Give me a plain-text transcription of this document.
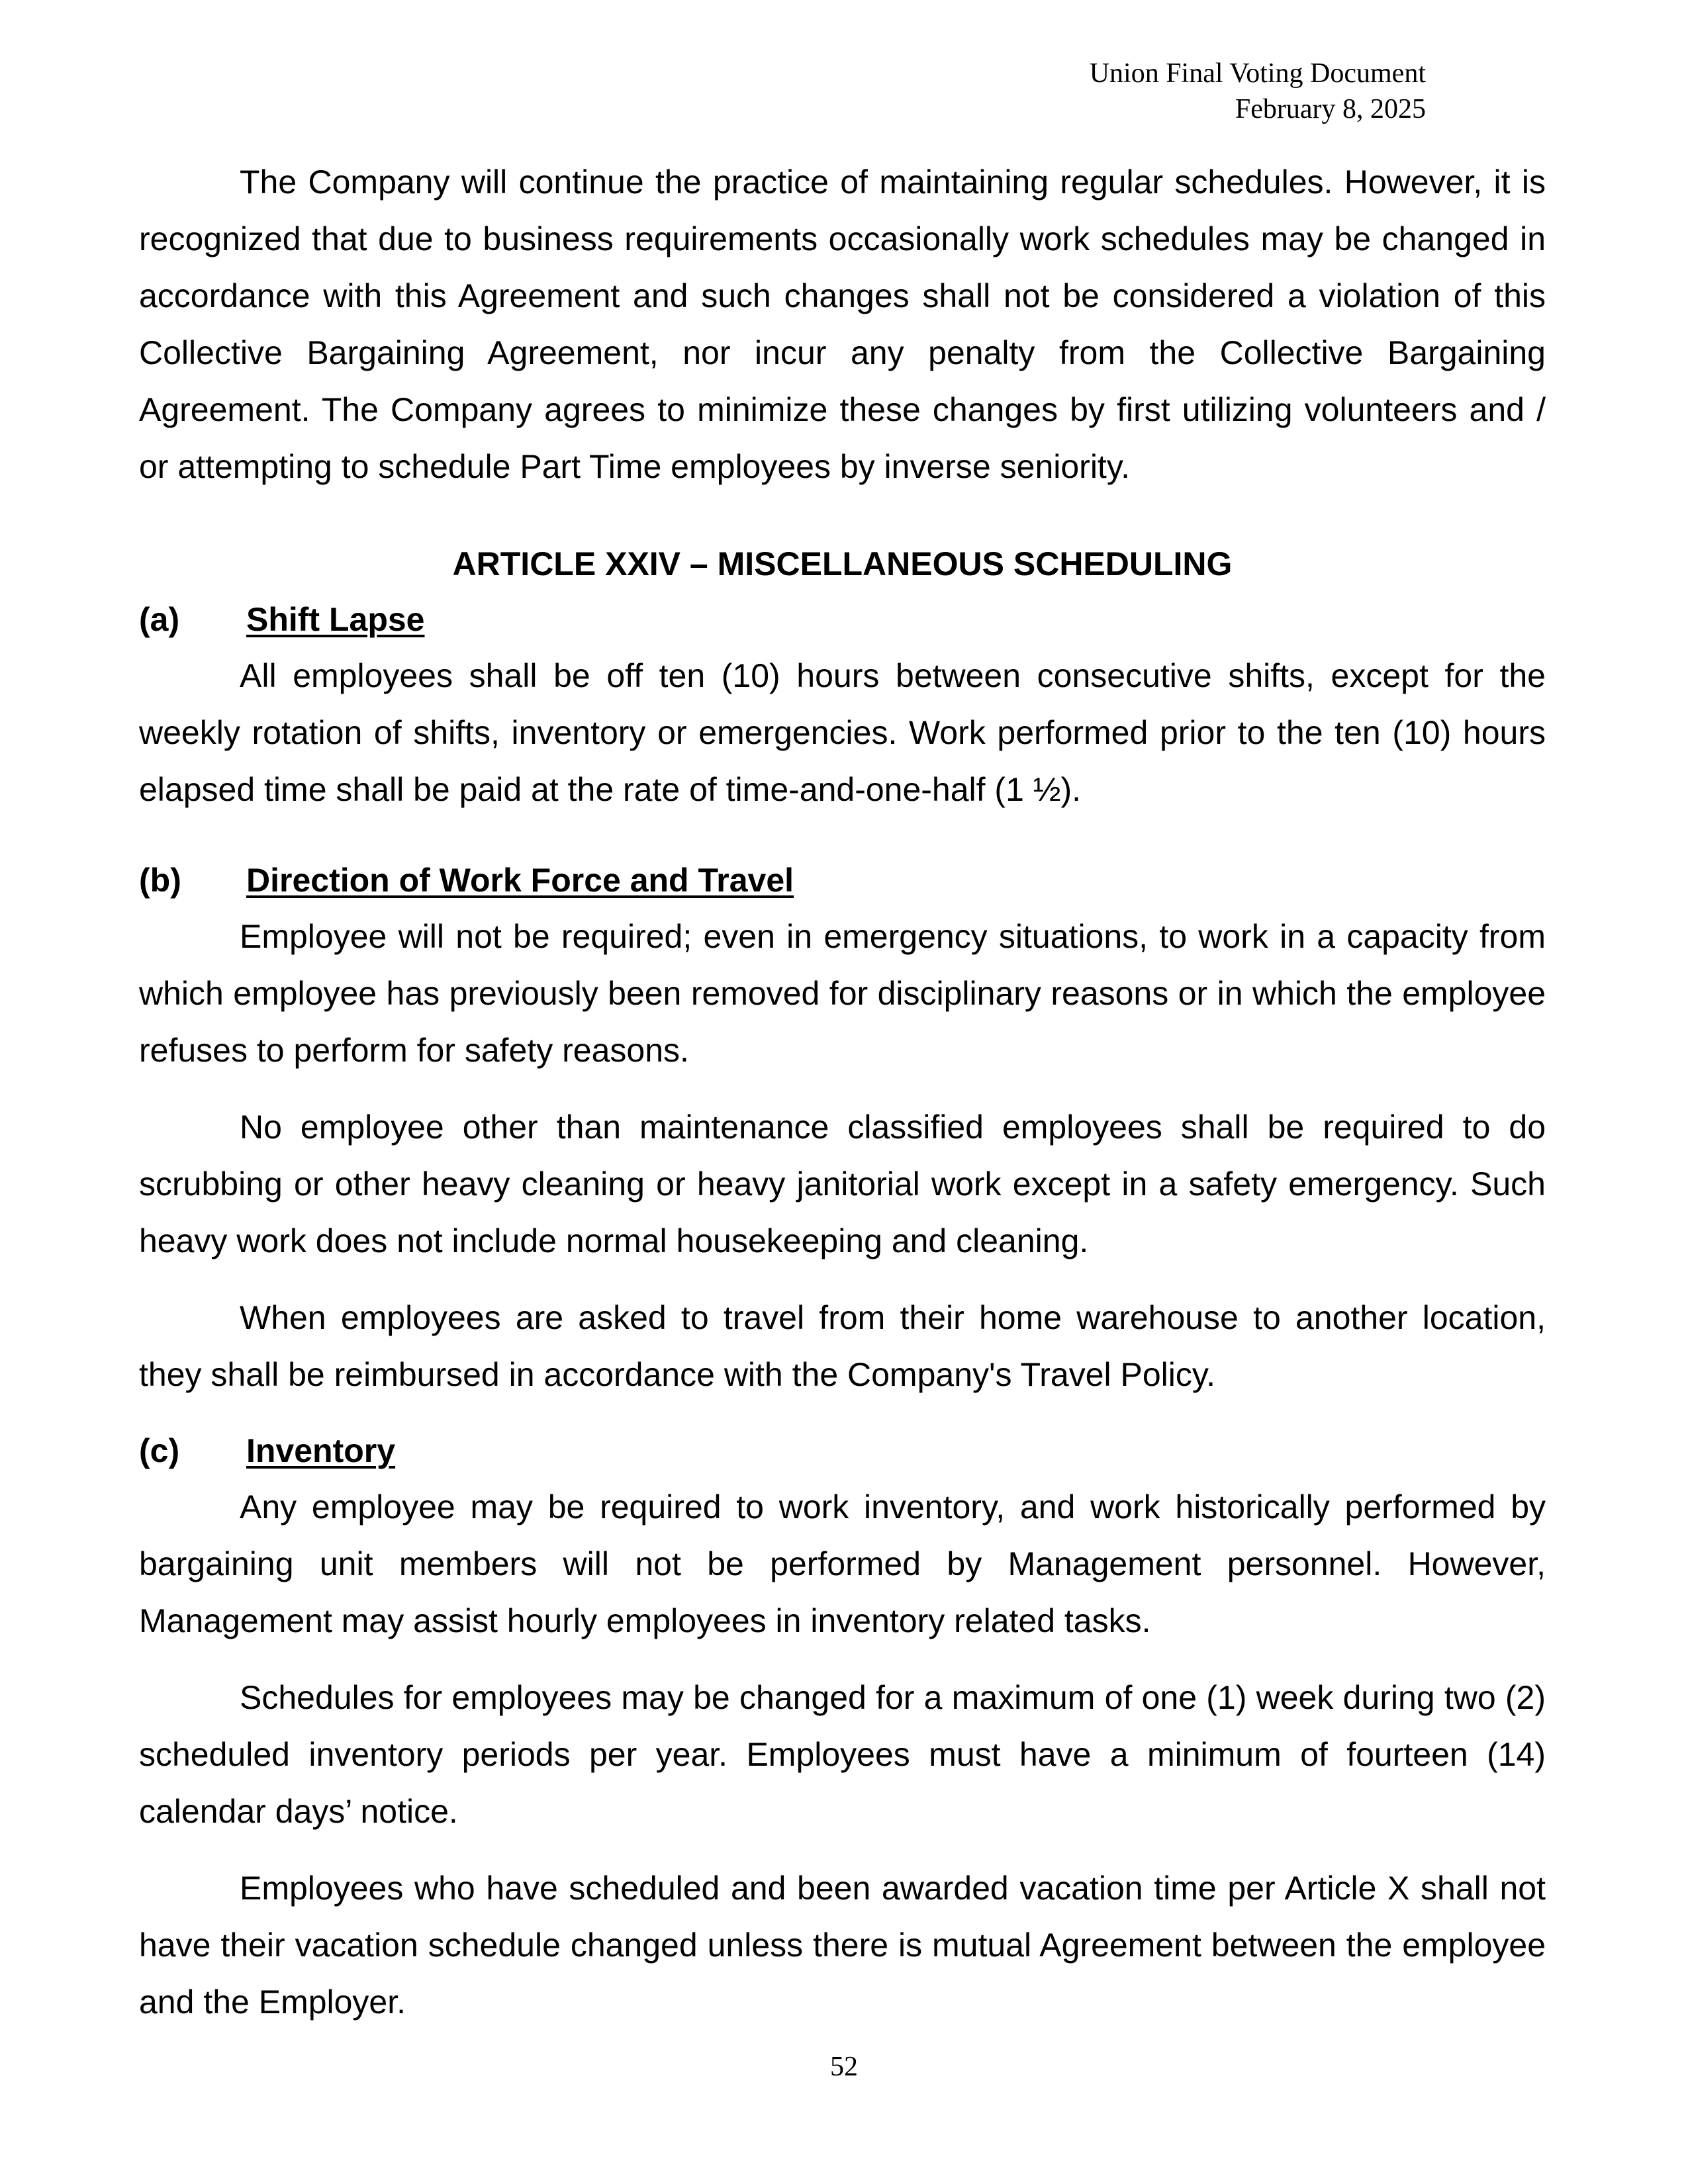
Union Final Voting Document
February 8, 2025

The Company will continue the practice of maintaining regular schedules. However, it is recognized that due to business requirements occasionally work schedules may be changed in accordance with this Agreement and such changes shall not be considered a violation of this Collective Bargaining Agreement, nor incur any penalty from the Collective Bargaining Agreement. The Company agrees to minimize these changes by first utilizing volunteers and / or attempting to schedule Part Time employees by inverse seniority.

ARTICLE XXIV – MISCELLANEOUS SCHEDULING
(a)	Shift Lapse

All employees shall be off ten (10) hours between consecutive shifts, except for the weekly rotation of shifts, inventory or emergencies. Work performed prior to the ten (10) hours elapsed time shall be paid at the rate of time-and-one-half (1 ½).

(b)	Direction of Work Force and Travel

Employee will not be required; even in emergency situations, to work in a capacity from which employee has previously been removed for disciplinary reasons or in which the employee refuses to perform for safety reasons.

No employee other than maintenance classified employees shall be required to do scrubbing or other heavy cleaning or heavy janitorial work except in a safety emergency. Such heavy work does not include normal housekeeping and cleaning.

When employees are asked to travel from their home warehouse to another location, they shall be reimbursed in accordance with the Company's Travel Policy.

(c)	Inventory

Any employee may be required to work inventory, and work historically performed by bargaining unit members will not be performed by Management personnel. However, Management may assist hourly employees in inventory related tasks.

Schedules for employees may be changed for a maximum of one (1) week during two (2) scheduled inventory periods per year. Employees must have a minimum of fourteen (14) calendar days’ notice.

Employees who have scheduled and been awarded vacation time per Article X shall not have their vacation schedule changed unless there is mutual Agreement between the employee and the Employer.

52
